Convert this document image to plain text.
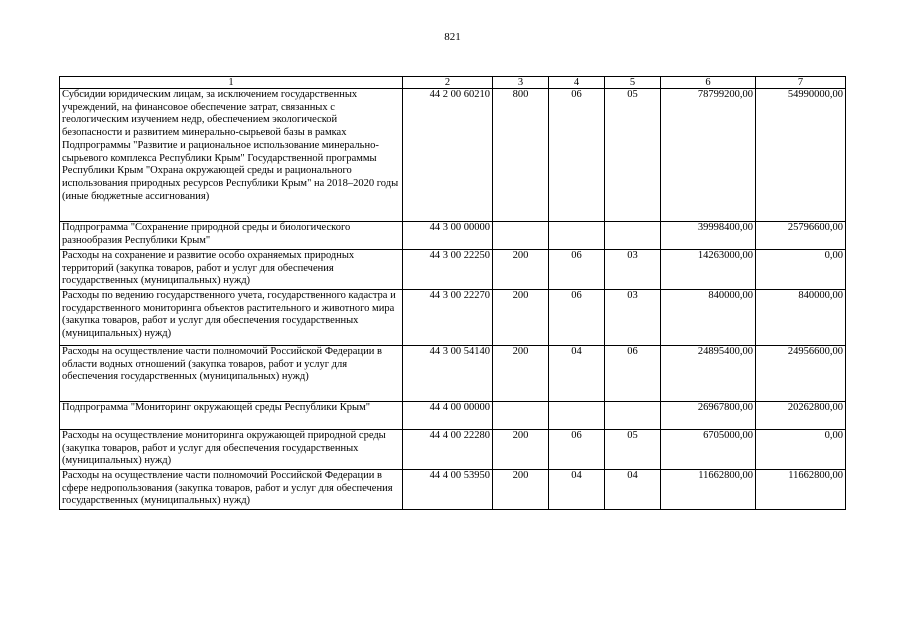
821
1	2	3	4	5	6	7
Субсидии юридическим лицам, за исключением государственных учреждений, на финансовое обеспечение затрат, связанных с геологическим изучением недр, обеспечением экологической безопасности и развитием минерально-сырьевой базы в рамках Подпрограммы "Развитие и рациональное использование минерально-сырьевого комплекса Республики Крым" Государственной программы Республики Крым "Охрана окружающей среды и рационального использования природных ресурсов Республики Крым" на 2018–2020 годы (иные бюджетные ассигнования)	44 2 00 60210	800	06	05	78799200,00	54990000,00
Подпрограмма "Сохранение природной среды и биологического разнообразия Республики Крым"	44 3 00 00000				39998400,00	25796600,00
Расходы на сохранение и развитие особо охраняемых природных территорий (закупка товаров, работ и услуг для обеспечения государственных (муниципальных) нужд)	44 3 00 22250	200	06	03	14263000,00	0,00
Расходы по ведению государственного учета, государственного кадастра и государственного мониторинга объектов растительного и животного мира (закупка товаров, работ и услуг для обеспечения государственных (муниципальных) нужд)	44 3 00 22270	200	06	03	840000,00	840000,00
Расходы на осуществление части полномочий Российской Федерации в области водных отношений (закупка товаров, работ и услуг для обеспечения государственных (муниципальных) нужд)	44 3 00 54140	200	04	06	24895400,00	24956600,00
Подпрограмма "Мониторинг окружающей среды Республики Крым"	44 4 00 00000				26967800,00	20262800,00
Расходы на осуществление мониторинга окружающей природной среды (закупка товаров, работ и услуг для обеспечения государственных (муниципальных) нужд)	44 4 00 22280	200	06	05	6705000,00	0,00
Расходы на осуществление части полномочий Российской Федерации в сфере недропользования (закупка товаров, работ и услуг для обеспечения государственных (муниципальных) нужд)	44 4 00 53950	200	04	04	11662800,00	11662800,00
